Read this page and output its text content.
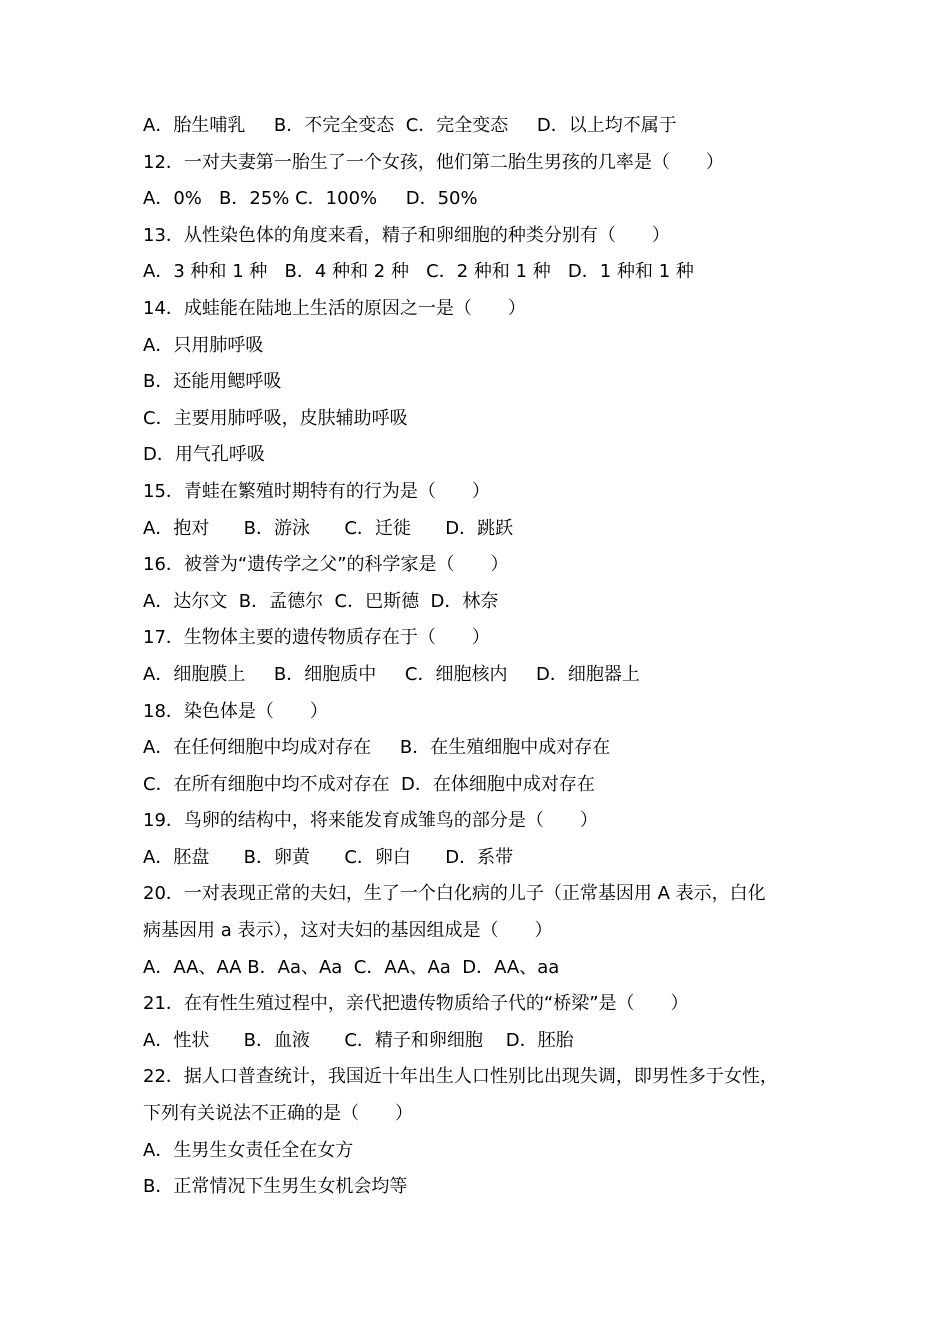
A．胎生哺乳     B．不完全变态  C．完全变态     D．以上均不属于
12．一对夫妻第一胎生了一个女孩，他们第二胎生男孩的几率是（　　）
A．0%   B．25% C．100%     D．50%
13．从性染色体的角度来看，精子和卵细胞的种类分别有（　　）
A．3 种和 1 种   B．4 种和 2 种   C．2 种和 1 种   D．1 种和 1 种
14．成蛙能在陆地上生活的原因之一是（　　）
A．只用肺呼吸
B．还能用鳃呼吸
C．主要用肺呼吸，皮肤辅助呼吸
D．用气孔呼吸
15．青蛙在繁殖时期特有的行为是（　　）
A．抱对      B．游泳      C．迁徙      D．跳跃
16．被誉为“遗传学之父”的科学家是（　　）
A．达尔文  B．孟德尔  C．巴斯德  D．林奈
17．生物体主要的遗传物质存在于（　　）
A．细胞膜上     B．细胞质中     C．细胞核内     D．细胞器上
18．染色体是（　　）
A．在任何细胞中均成对存在     B．在生殖细胞中成对存在
C．在所有细胞中均不成对存在  D．在体细胞中成对存在
19．鸟卵的结构中，将来能发育成雏鸟的部分是（　　）
A．胚盘      B．卵黄      C．卵白      D．系带
20．一对表现正常的夫妇，生了一个白化病的儿子（正常基因用 A 表示，白化
病基因用 a 表示），这对夫妇的基因组成是（　　）
A．AA、AA B．Aa、Aa  C．AA、Aa  D．AA、aa
21．在有性生殖过程中，亲代把遗传物质给子代的“桥梁”是（　　）
A．性状      B．血液      C．精子和卵细胞    D．胚胎
22．据人口普查统计，我国近十年出生人口性别比出现失调，即男性多于女性，
下列有关说法不正确的是（　　）
A．生男生女责任全在女方
B．正常情况下生男生女机会均等
